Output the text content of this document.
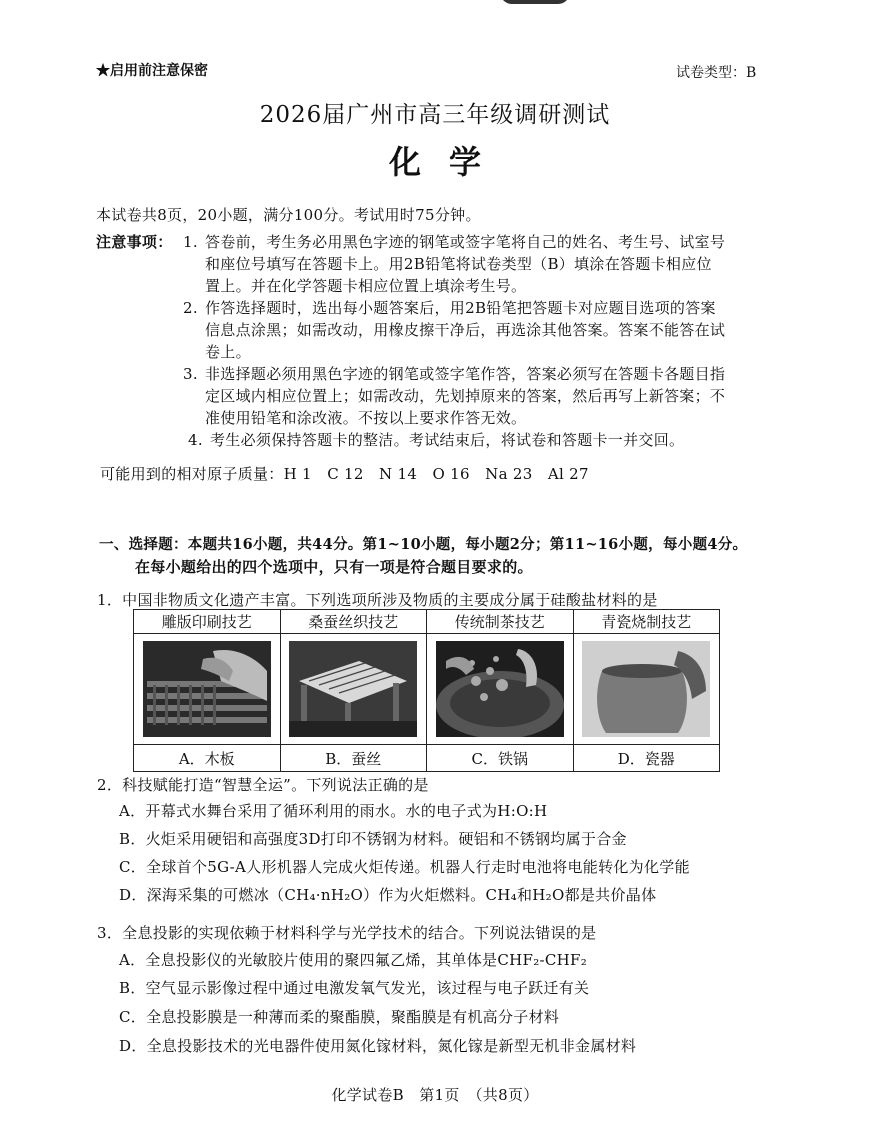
★启用前注意保密	试卷类型：B
2026届广州市高三年级调研测试
化学
本试卷共8页，20小题，满分100分。考试用时75分钟。
注意事项： 1. 答卷前，考生务必用黑色字迹的钢笔或签字笔将自己的姓名、考生号、试室号
和座位号填写在答题卡上。用2B铅笔将试卷类型（B）填涂在答题卡相应位
置上。并在化学答题卡相应位置上填涂考生号。
2. 作答选择题时，选出每小题答案后，用2B铅笔把答题卡对应题目选项的答案
信息点涂黑；如需改动，用橡皮擦干净后，再选涂其他答案。答案不能答在试
卷上。
3. 非选择题必须用黑色字迹的钢笔或签字笔作答，答案必须写在答题卡各题目指
定区域内相应位置上；如需改动，先划掉原来的答案，然后再写上新答案；不
准使用铅笔和涂改液。不按以上要求作答无效。
4. 考生必须保持答题卡的整洁。考试结束后，将试卷和答题卡一并交回。
可能用到的相对原子质量：H 1　C 12　N 14　O 16　Na 23　Al 27
一、选择题：本题共16小题，共44分。第1~10小题，每小题2分；第11~16小题，每小题4分。
在每小题给出的四个选项中，只有一项是符合题目要求的。
1．中国非物质文化遗产丰富。下列选项所涉及物质的主要成分属于硅酸盐材料的是
雕版印刷技艺	桑蚕丝织技艺	传统制茶技艺	青瓷烧制技艺

A．木板	B．蚕丝	C．铁锅	D．瓷器
2．科技赋能打造“智慧全运”。下列说法正确的是
A．开幕式水舞台采用了循环利用的雨水。水的电子式为H:O:H
B．火炬采用硬铝和高强度3D打印不锈钢为材料。硬铝和不锈钢均属于合金
C．全球首个5G-A人形机器人完成火炬传递。机器人行走时电池将电能转化为化学能
D．深海采集的可燃冰（CH₄·nH₂O）作为火炬燃料。CH₄和H₂O都是共价晶体
3．全息投影的实现依赖于材料科学与光学技术的结合。下列说法错误的是
A．全息投影仪的光敏胶片使用的聚四氟乙烯，其单体是CHF₂-CHF₂
B．空气显示影像过程中通过电激发氧气发光，该过程与电子跃迁有关
C．全息投影膜是一种薄而柔的聚酯膜，聚酯膜是有机高分子材料
D．全息投影技术的光电器件使用氮化镓材料，氮化镓是新型无机非金属材料
化学试卷B　第1页　（共8页）
